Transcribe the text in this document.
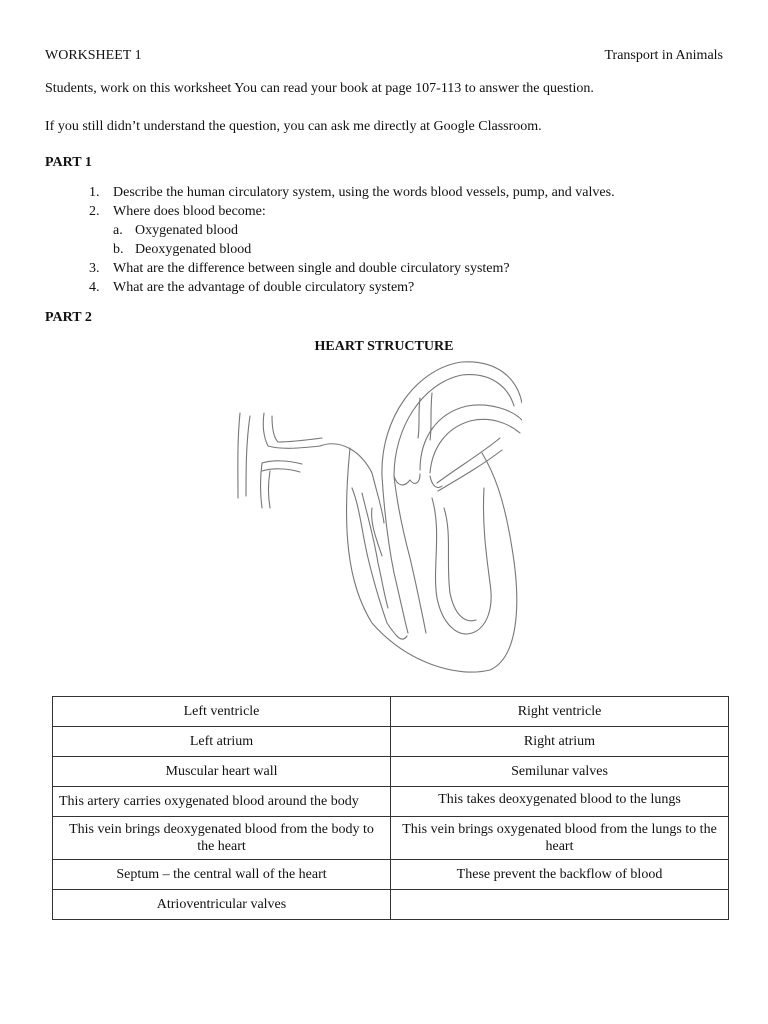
WORKSHEET 1	Transport in Animals
Students, work on this worksheet You can read your book at page 107-113 to answer the question.
If you still didn’t understand the question, you can ask me directly at Google Classroom.
PART 1
1. Describe the human circulatory system, using the words blood vessels, pump, and valves.
2. Where does blood become:
a. Oxygenated blood
b. Deoxygenated blood
3. What are the difference between single and double circulatory system?
4. What are the advantage of double circulatory system?
PART 2
HEART STRUCTURE
Left ventricle	Right ventricle
Left atrium	Right atrium
Muscular heart wall	Semilunar valves
This artery carries oxygenated blood around the body	This takes deoxygenated blood to the lungs
This vein brings deoxygenated blood from the body to the heart	This vein brings oxygenated blood from the lungs to the heart
Septum – the central wall of the heart	These prevent the backflow of blood
Atrioventricular valves	
